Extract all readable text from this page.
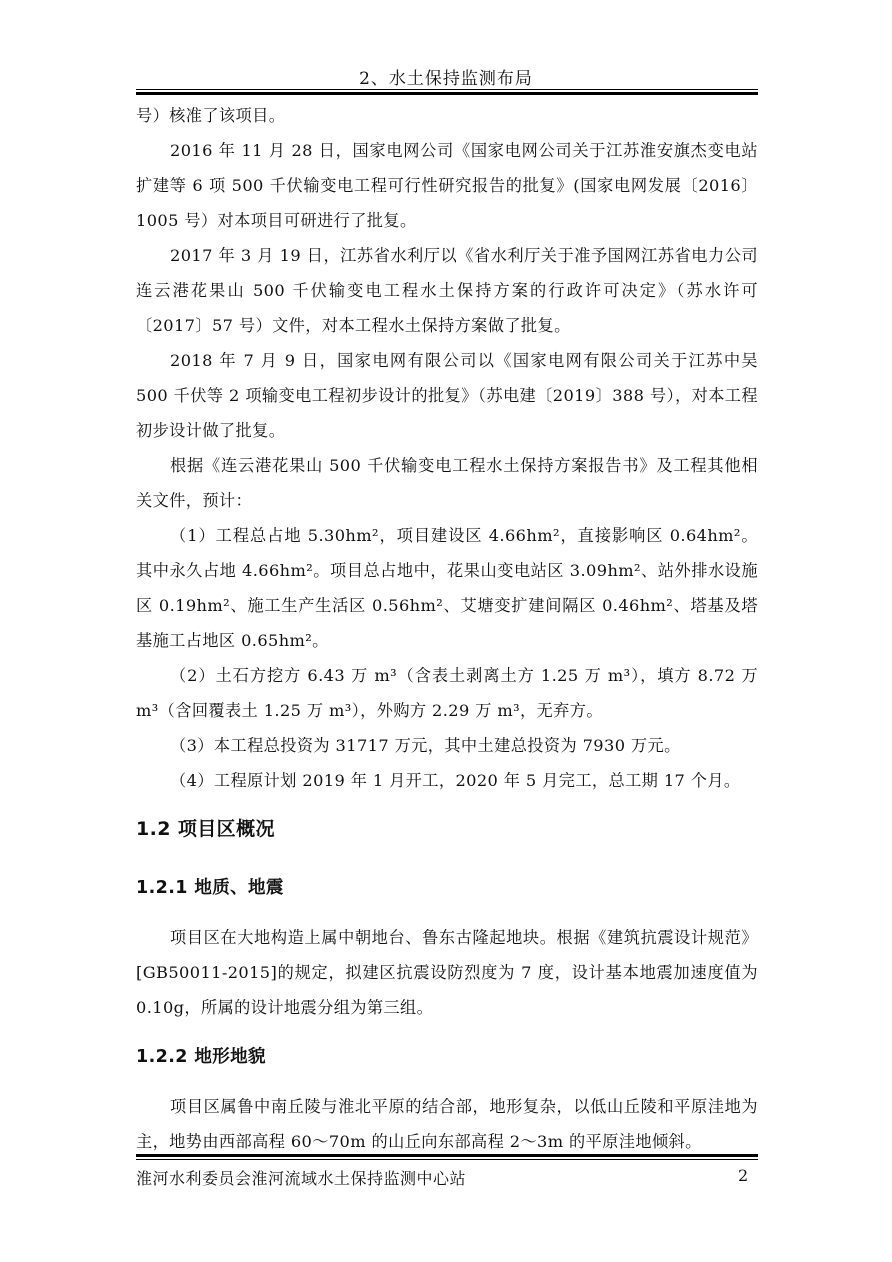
2、水土保持监测布局

号）核准了该项目。

2016 年 11 月 28 日，国家电网公司《国家电网公司关于江苏淮安旗杰变电站扩建等 6 项 500 千伏输变电工程可行性研究报告的批复》(国家电网发展〔2016〕1005 号）对本项目可研进行了批复。

2017 年 3 月 19 日，江苏省水利厅以《省水利厅关于准予国网江苏省电力公司连云港花果山 500 千伏输变电工程水土保持方案的行政许可决定》（苏水许可〔2017〕57 号）文件，对本工程水土保持方案做了批复。

2018 年 7 月 9 日，国家电网有限公司以《国家电网有限公司关于江苏中吴 500 千伏等 2 项输变电工程初步设计的批复》（苏电建〔2019〕388 号），对本工程初步设计做了批复。

根据《连云港花果山 500 千伏输变电工程水土保持方案报告书》及工程其他相关文件，预计：

（1）工程总占地 5.30hm²，项目建设区 4.66hm²，直接影响区 0.64hm²。其中永久占地 4.66hm²。项目总占地中，花果山变电站区 3.09hm²、站外排水设施区 0.19hm²、施工生产生活区 0.56hm²、艾塘变扩建间隔区 0.46hm²、塔基及塔基施工占地区 0.65hm²。

（2）土石方挖方 6.43 万 m³（含表土剥离土方 1.25 万 m³），填方 8.72 万 m³（含回覆表土 1.25 万 m³），外购方 2.29 万 m³，无弃方。

（3）本工程总投资为 31717 万元，其中土建总投资为 7930 万元。

（4）工程原计划 2019 年 1 月开工，2020 年 5 月完工，总工期 17 个月。

1.2 项目区概况
1.2.1 地质、地震

项目区在大地构造上属中朝地台、鲁东古隆起地块。根据《建筑抗震设计规范》[GB50011-2015]的规定，拟建区抗震设防烈度为 7 度，设计基本地震加速度值为 0.10g，所属的设计地震分组为第三组。

1.2.2 地形地貌

项目区属鲁中南丘陵与淮北平原的结合部，地形复杂，以低山丘陵和平原洼地为主，地势由西部高程 60～70m 的山丘向东部高程 2～3m 的平原洼地倾斜。

淮河水利委员会淮河流域水土保持监测中心站	2
